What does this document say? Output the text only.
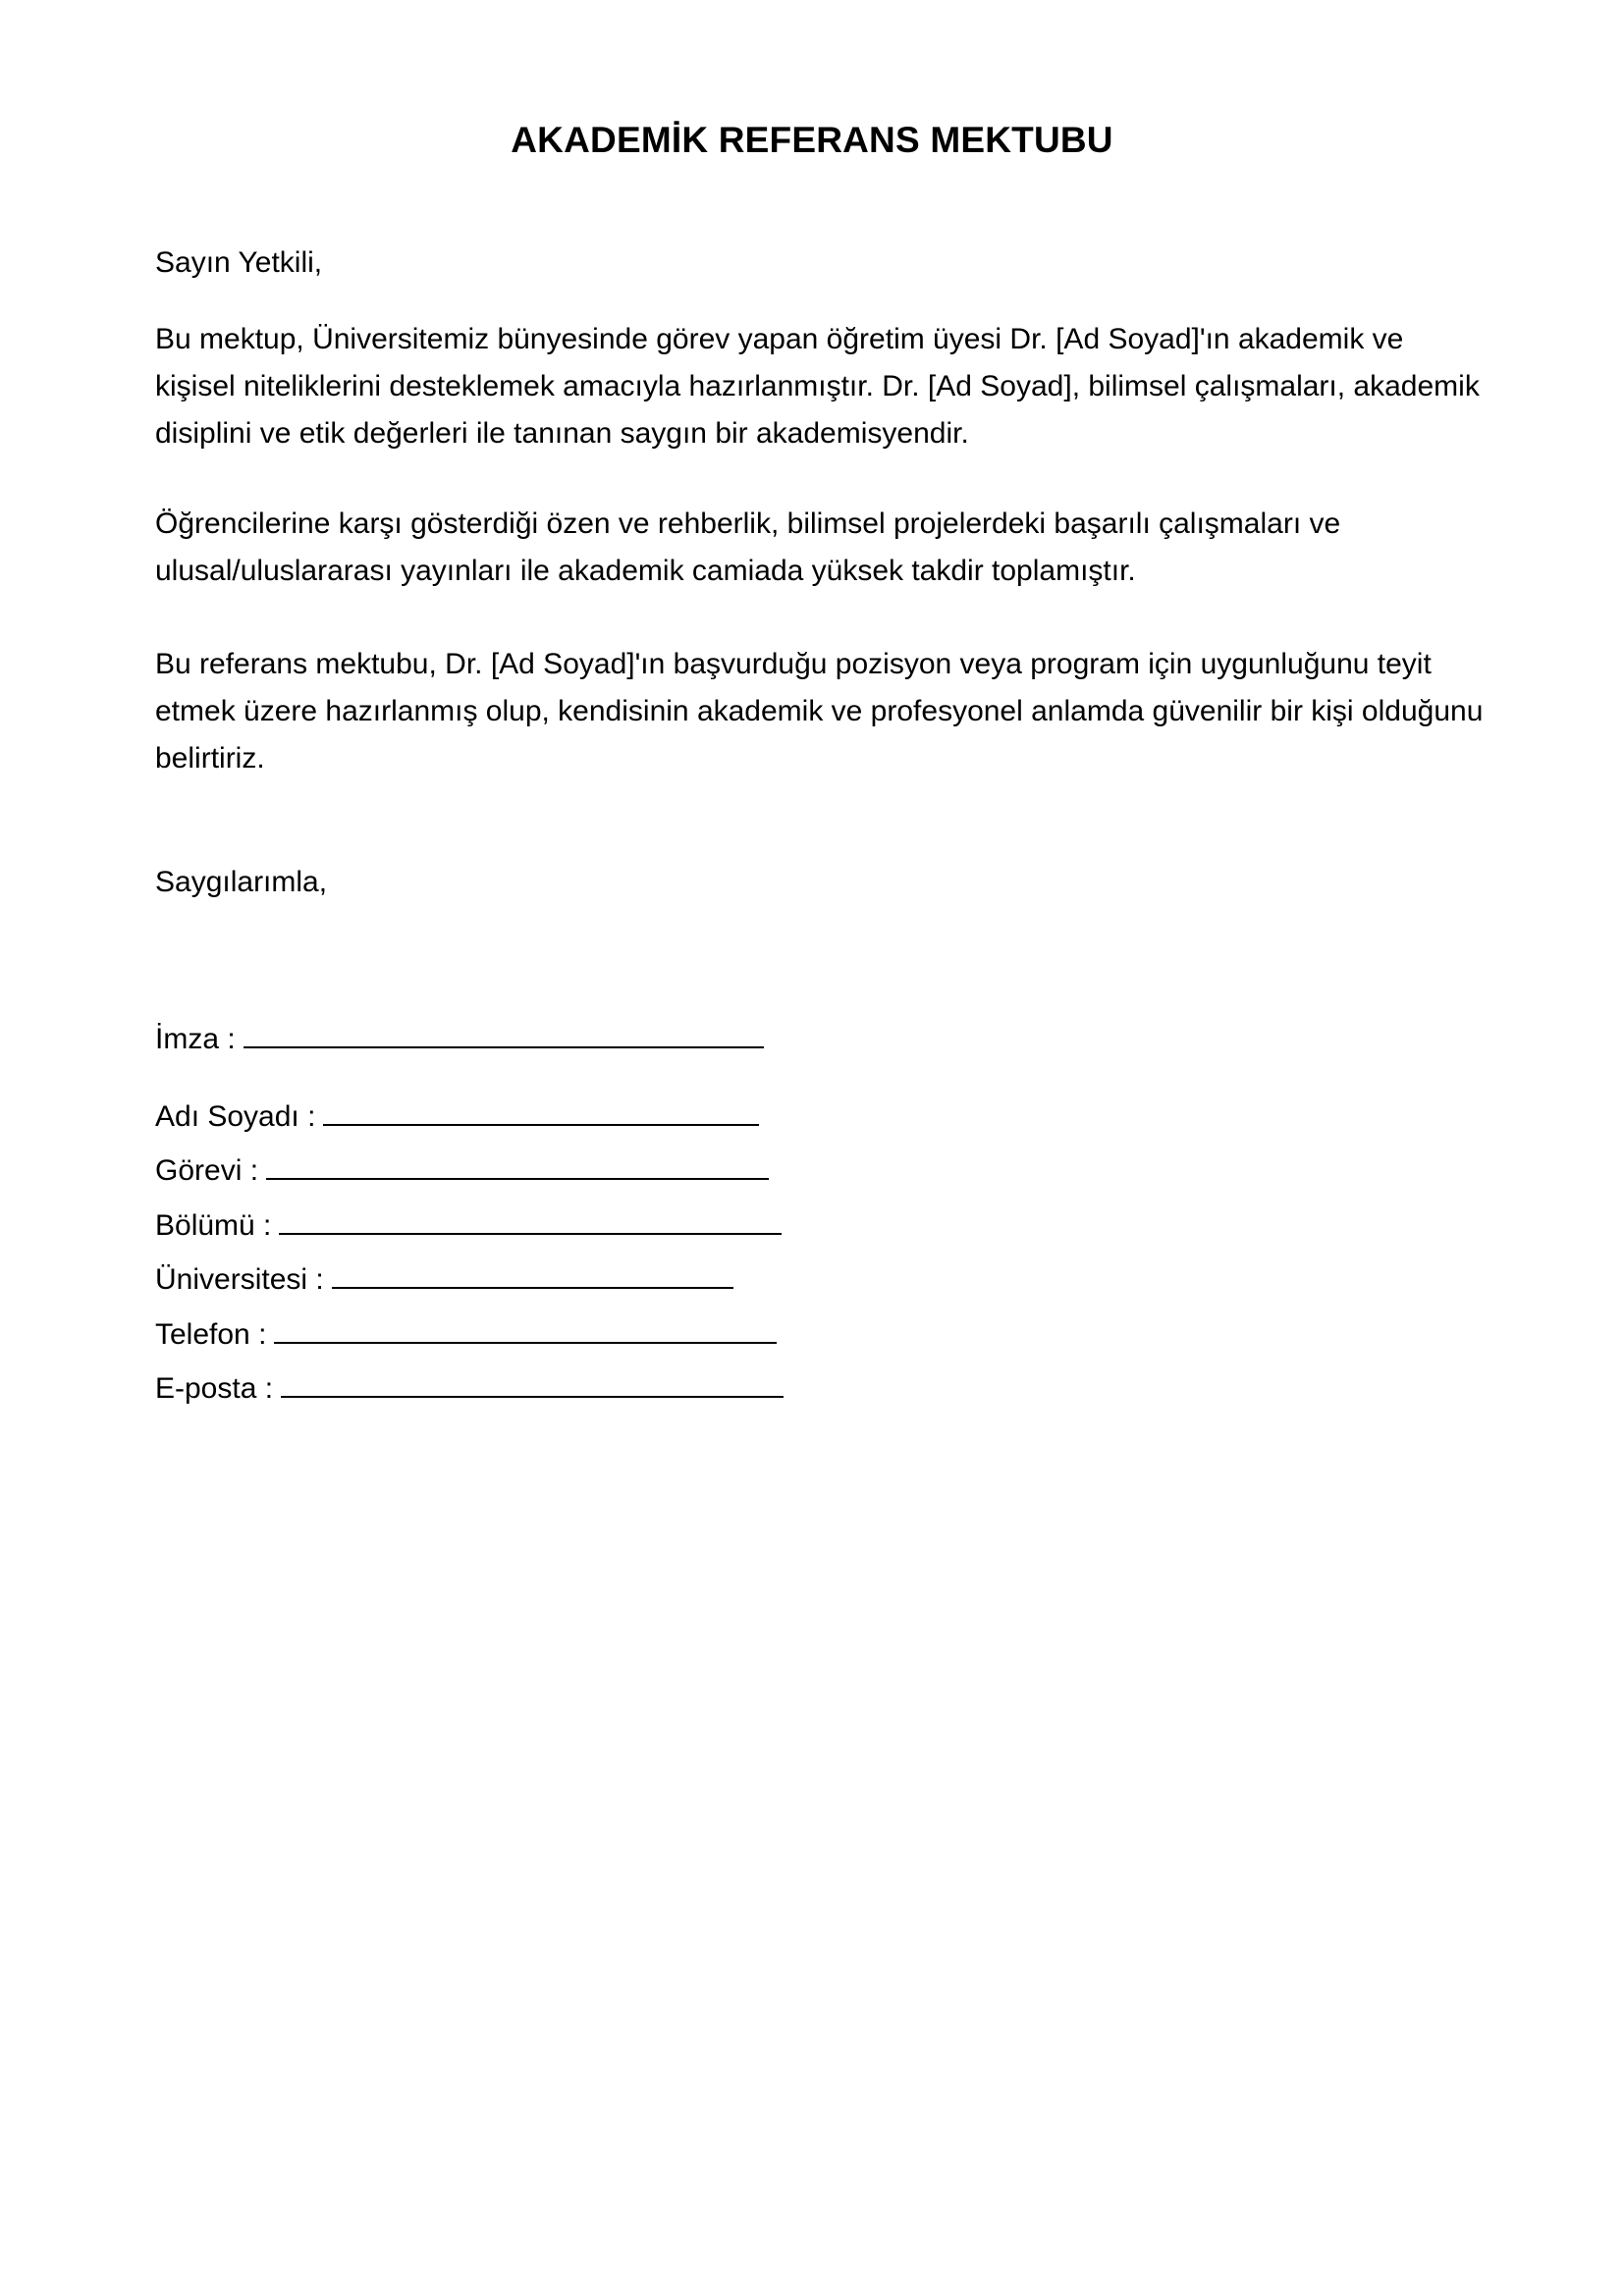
AKADEMİK REFERANS MEKTUBU

Sayın Yetkili,

Bu mektup, Üniversitemiz bünyesinde görev yapan öğretim üyesi Dr. [Ad Soyad]'ın akademik ve kişisel niteliklerini desteklemek amacıyla hazırlanmıştır. Dr. [Ad Soyad], bilimsel çalışmaları, akademik disiplini ve etik değerleri ile tanınan saygın bir akademisyendir.

Öğrencilerine karşı gösterdiği özen ve rehberlik, bilimsel projelerdeki başarılı çalışmaları ve ulusal/uluslararası yayınları ile akademik camiada yüksek takdir toplamıştır.

Bu referans mektubu, Dr. [Ad Soyad]'ın başvurduğu pozisyon veya program için uygunluğunu teyit etmek üzere hazırlanmış olup, kendisinin akademik ve profesyonel anlamda güvenilir bir kişi olduğunu belirtiriz.

Saygılarımla,

İmza :
Adı Soyadı :
Görevi :
Bölümü :
Üniversitesi :
Telefon :
E-posta :
